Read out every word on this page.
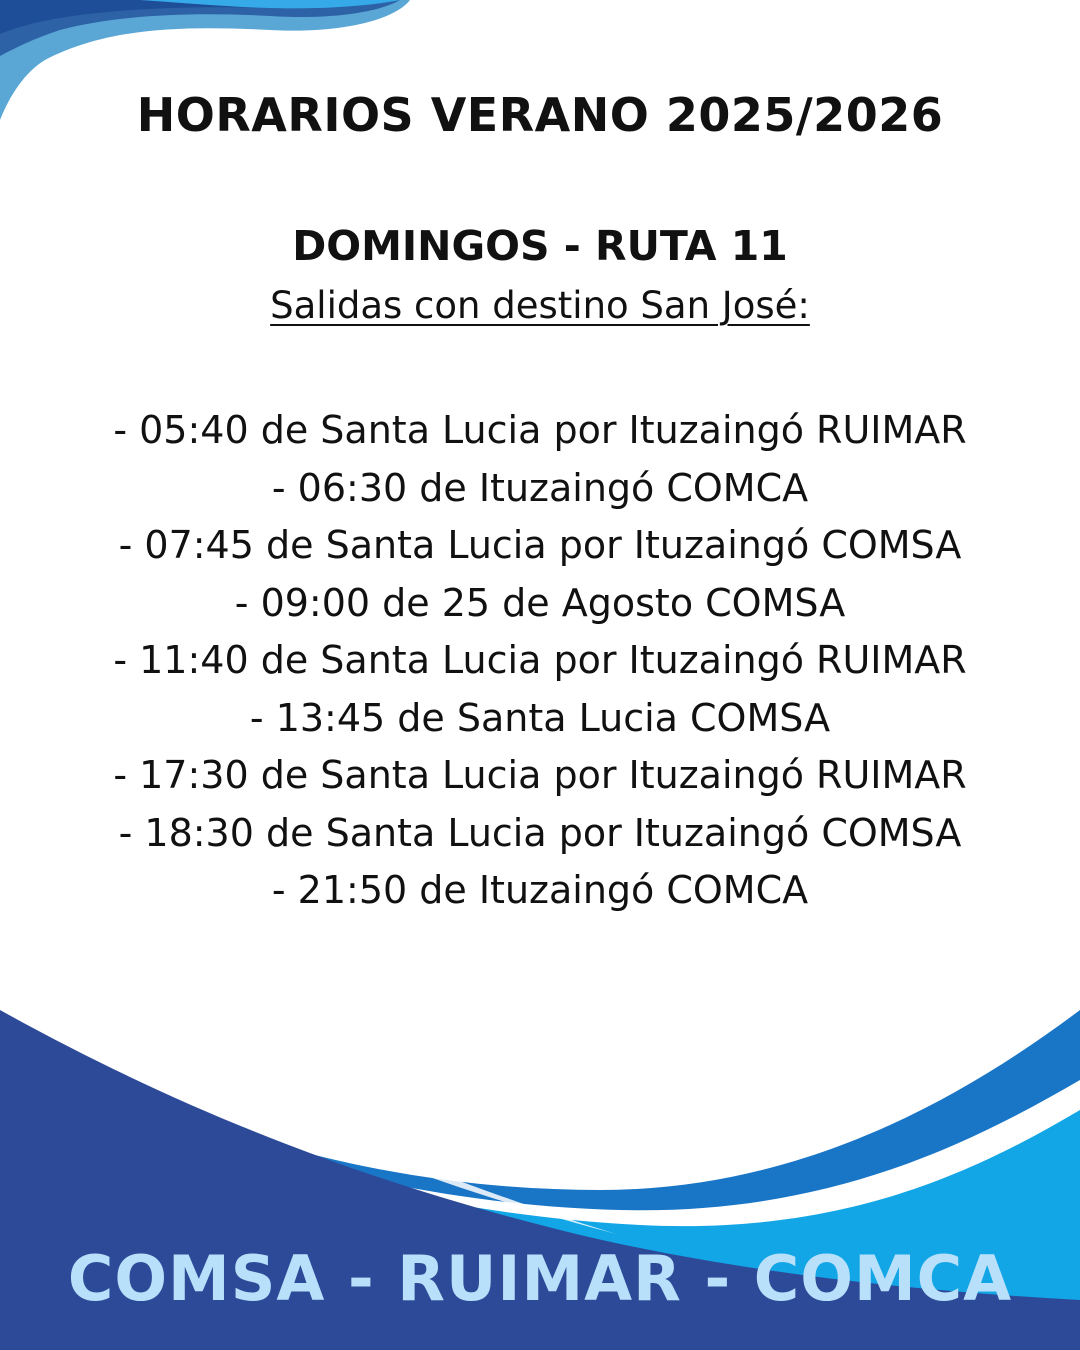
HORARIOS VERANO 2025/2026
DOMINGOS - RUTA 11
Salidas con destino San José:
- 05:40 de Santa Lucia por Ituzaingó RUIMAR
- 06:30 de Ituzaingó COMCA
- 07:45 de Santa Lucia por Ituzaingó COMSA
- 09:00 de 25 de Agosto COMSA
- 11:40 de Santa Lucia por Ituzaingó RUIMAR
- 13:45 de Santa Lucia COMSA
- 17:30 de Santa Lucia por Ituzaingó RUIMAR
- 18:30 de Santa Lucia por Ituzaingó COMSA
- 21:50 de Ituzaingó COMCA
COMSA - RUIMAR - COMCA
